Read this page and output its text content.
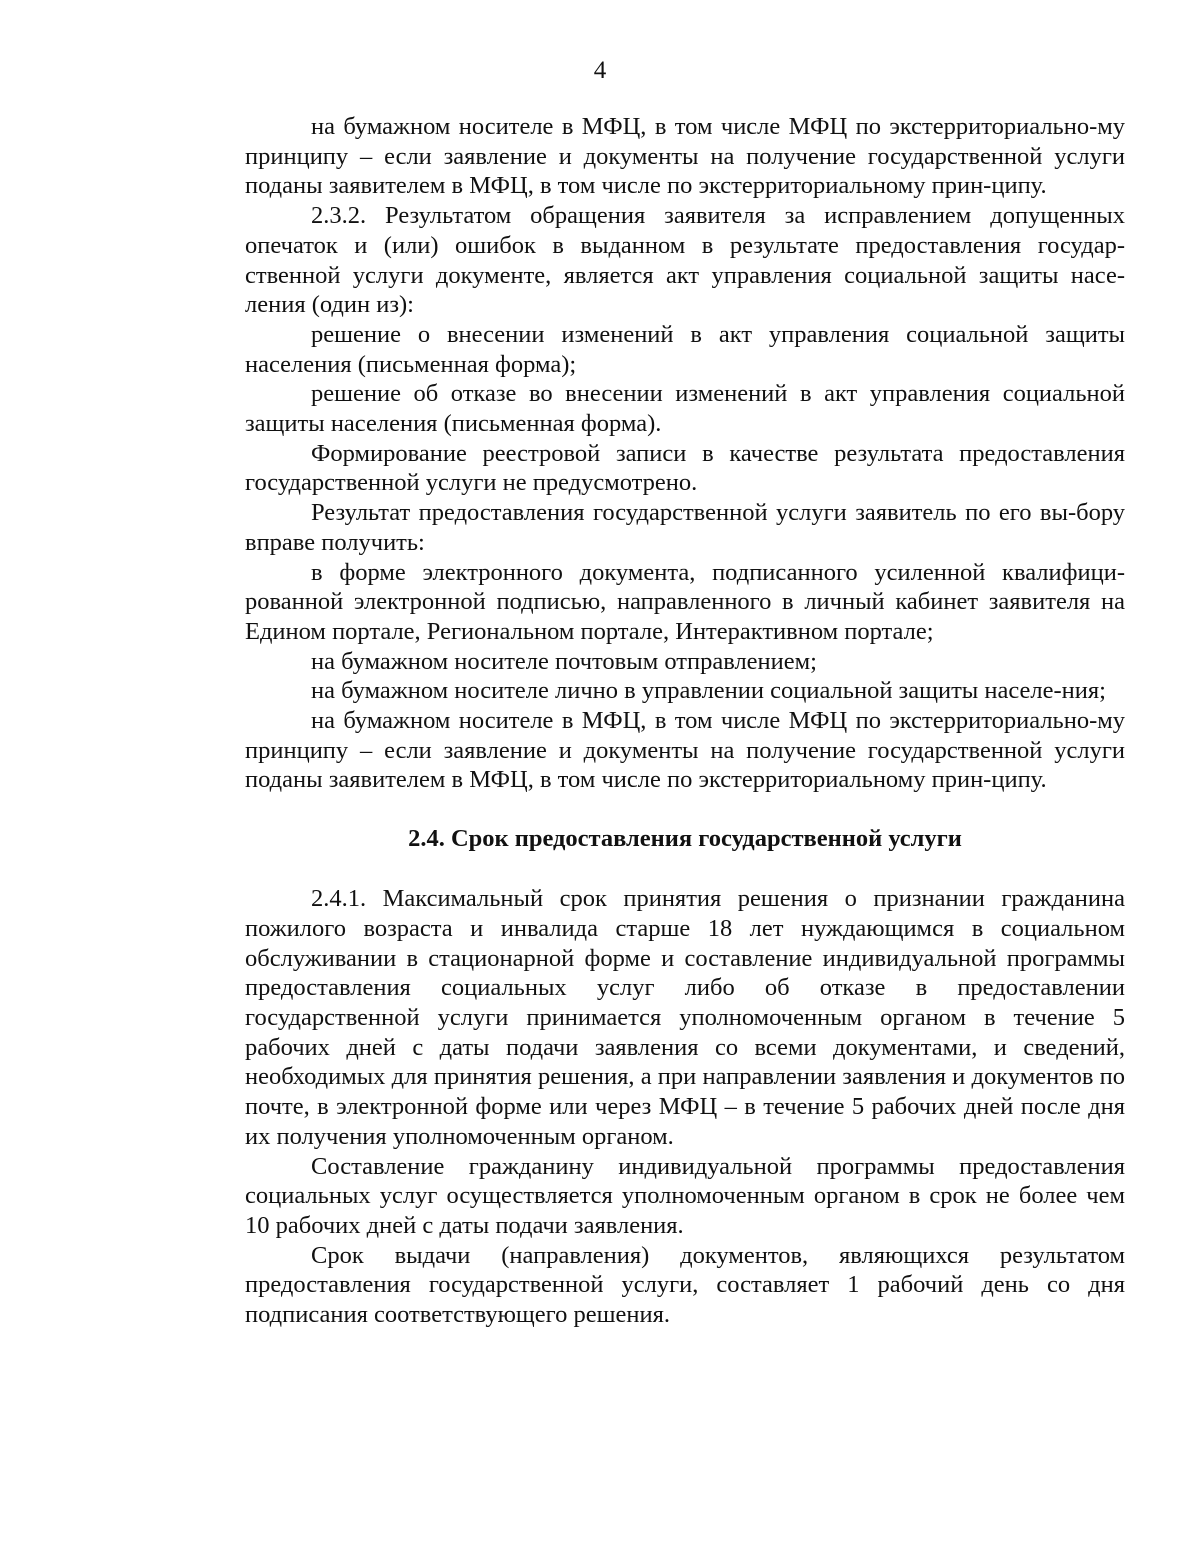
4

на бумажном носителе в МФЦ, в том числе МФЦ по экстерриториально-му принципу – если заявление и документы на получение государственной услуги поданы заявителем в МФЦ, в том числе по экстерриториальному прин-ципу.

2.3.2. Результатом обращения заявителя за исправлением допущенных опечаток и (или) ошибок в выданном в результате предоставления государ-ственной услуги документе, является акт управления социальной защиты насе-ления (один из):

решение о внесении изменений в акт управления социальной защиты населения (письменная форма);

решение об отказе во внесении изменений в акт управления социальной защиты населения (письменная форма).

Формирование реестровой записи в качестве результата предоставления государственной услуги не предусмотрено.

Результат предоставления государственной услуги заявитель по его вы-бору вправе получить:

в форме электронного документа, подписанного усиленной квалифици-рованной электронной подписью, направленного в личный кабинет заявителя на Едином портале, Региональном портале, Интерактивном портале;

на бумажном носителе почтовым отправлением;

на бумажном носителе лично в управлении социальной защиты населе-ния;

на бумажном носителе в МФЦ, в том числе МФЦ по экстерриториально-му принципу – если заявление и документы на получение государственной услуги поданы заявителем в МФЦ, в том числе по экстерриториальному прин-ципу.

2.4. Срок предоставления государственной услуги

2.4.1. Максимальный срок принятия решения о признании гражданина пожилого возраста и инвалида старше 18 лет нуждающимся в социальном обслуживании в стационарной форме и составление индивидуальной программы предоставления социальных услуг либо об отказе в предоставлении государственной услуги принимается уполномоченным органом в течение 5 рабочих дней с даты подачи заявления со всеми документами, и сведений, необходимых для принятия решения, а при направлении заявления и документов по почте, в электронной форме или через МФЦ – в течение 5 рабочих дней после дня их получения уполномоченным органом.

Составление гражданину индивидуальной программы предоставления социальных услуг осуществляется уполномоченным органом в срок не более чем 10 рабочих дней с даты подачи заявления.

Срок выдачи (направления) документов, являющихся результатом предоставления государственной услуги, составляет 1 рабочий день со дня подписания соответствующего решения.
